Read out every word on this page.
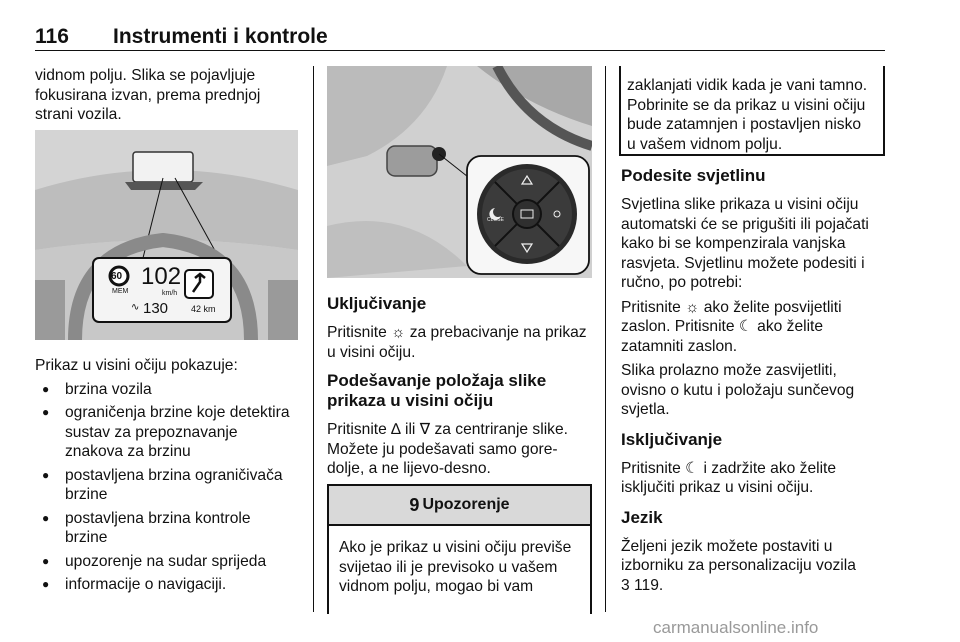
116 Instrumenti i kontrole

vidnom polju. Slika se pojavljuje

fokusirana izvan, prema prednjoj

strani vozila.

60
MEM
102
km/h
∿ 130	42 km

Prikaz u visini očiju pokazuje:

● brzina vozila
● ograničenja brzine koje detektira
sustav za prepoznavanje
znakova za brzinu
● postavljena brzina ograničivača
brzine
● postavljena brzina kontrole
brzine
● upozorenje na sudar sprijeda
● informacije o navigaciji.
CLOSE
Uključivanje

Pritisnite ☼ za prebacivanje na prikaz
u visini očiju.

Podešavanje položaja slike
prikaza u visini očiju

Pritisnite ∆ ili ∇ za centriranje slike.
Možete ju podešavati samo gore-
dolje, a ne lijevo-desno.

9 Upozorenje
Ako je prikaz u visini očiju previše
svijetao ili je previsoko u vašem
vidnom polju, mogao bi vam
zaklanjati vidik kada je vani tamno.
Pobrinite se da prikaz u visini očiju
bude zatamnjen i postavljen nisko
u vašem vidnom polju.
Podesite svjetlinu

Svjetlina slike prikaza u visini očiju
automatski će se prigušiti ili pojačati
kako bi se kompenzirala vanjska
rasvjeta. Svjetlinu možete podesiti i
ručno, po potrebi:

Pritisnite ☼ ako želite posvijetliti
zaslon. Pritisnite ☾ ako želite
zatamniti zaslon.

Slika prolazno može zasvijetliti,
ovisno o kutu i položaju sunčevog
svjetla.

Isključivanje

Pritisnite ☾ i zadržite ako želite
isključiti prikaz u visini očiju.

Jezik

Željeni jezik možete postaviti u
izborniku za personalizaciju vozila
3 119.

carmanualsonline.info
